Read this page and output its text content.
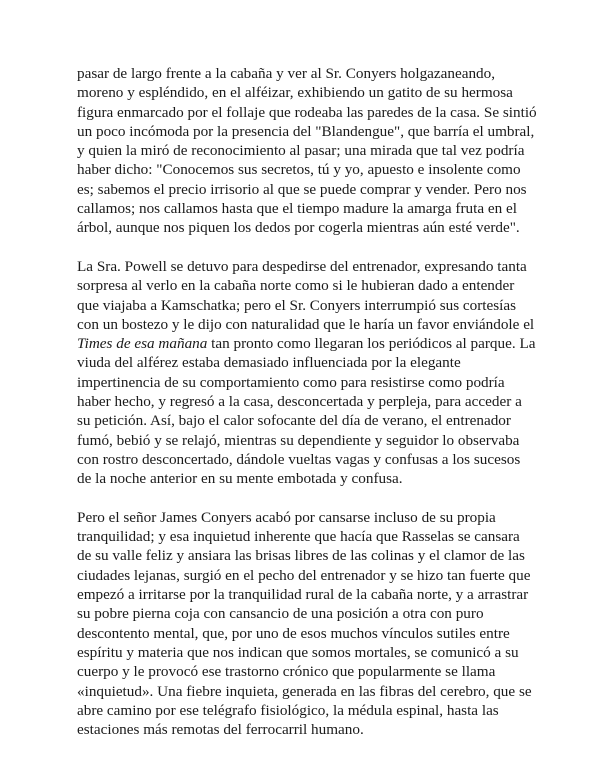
pasar de largo frente a la cabaña y ver al Sr. Conyers holgazaneando, moreno y espléndido, en el alféizar, exhibiendo un gatito de su hermosa figura enmarcado por el follaje que rodeaba las paredes de la casa. Se sintió un poco incómoda por la presencia del "Blandengue", que barría el umbral, y quien la miró de reconocimiento al pasar; una mirada que tal vez podría haber dicho: "Conocemos sus secretos, tú y yo, apuesto e insolente como es; sabemos el precio irrisorio al que se puede comprar y vender. Pero nos callamos; nos callamos hasta que el tiempo madure la amarga fruta en el árbol, aunque nos piquen los dedos por cogerla mientras aún esté verde".

La Sra. Powell se detuvo para despedirse del entrenador, expresando tanta sorpresa al verlo en la cabaña norte como si le hubieran dado a entender que viajaba a Kamschatka; pero el Sr. Conyers interrumpió sus cortesías con un bostezo y le dijo con naturalidad que le haría un favor enviándole el Times de esa mañana tan pronto como llegaran los periódicos al parque. La viuda del alférez estaba demasiado influenciada por la elegante impertinencia de su comportamiento como para resistirse como podría haber hecho, y regresó a la casa, desconcertada y perpleja, para acceder a su petición. Así, bajo el calor sofocante del día de verano, el entrenador fumó, bebió y se relajó, mientras su dependiente y seguidor lo observaba con rostro desconcertado, dándole vueltas vagas y confusas a los sucesos de la noche anterior en su mente embotada y confusa.

Pero el señor James Conyers acabó por cansarse incluso de su propia tranquilidad; y esa inquietud inherente que hacía que Rasselas se cansara de su valle feliz y ansiara las brisas libres de las colinas y el clamor de las ciudades lejanas, surgió en el pecho del entrenador y se hizo tan fuerte que empezó a irritarse por la tranquilidad rural de la cabaña norte, y a arrastrar su pobre pierna coja con cansancio de una posición a otra con puro descontento mental, que, por uno de esos muchos vínculos sutiles entre espíritu y materia que nos indican que somos mortales, se comunicó a su cuerpo y le provocó ese trastorno crónico que popularmente se llama «inquietud». Una fiebre inquieta, generada en las fibras del cerebro, que se abre camino por ese telégrafo fisiológico, la médula espinal, hasta las estaciones más remotas del ferrocarril humano.
